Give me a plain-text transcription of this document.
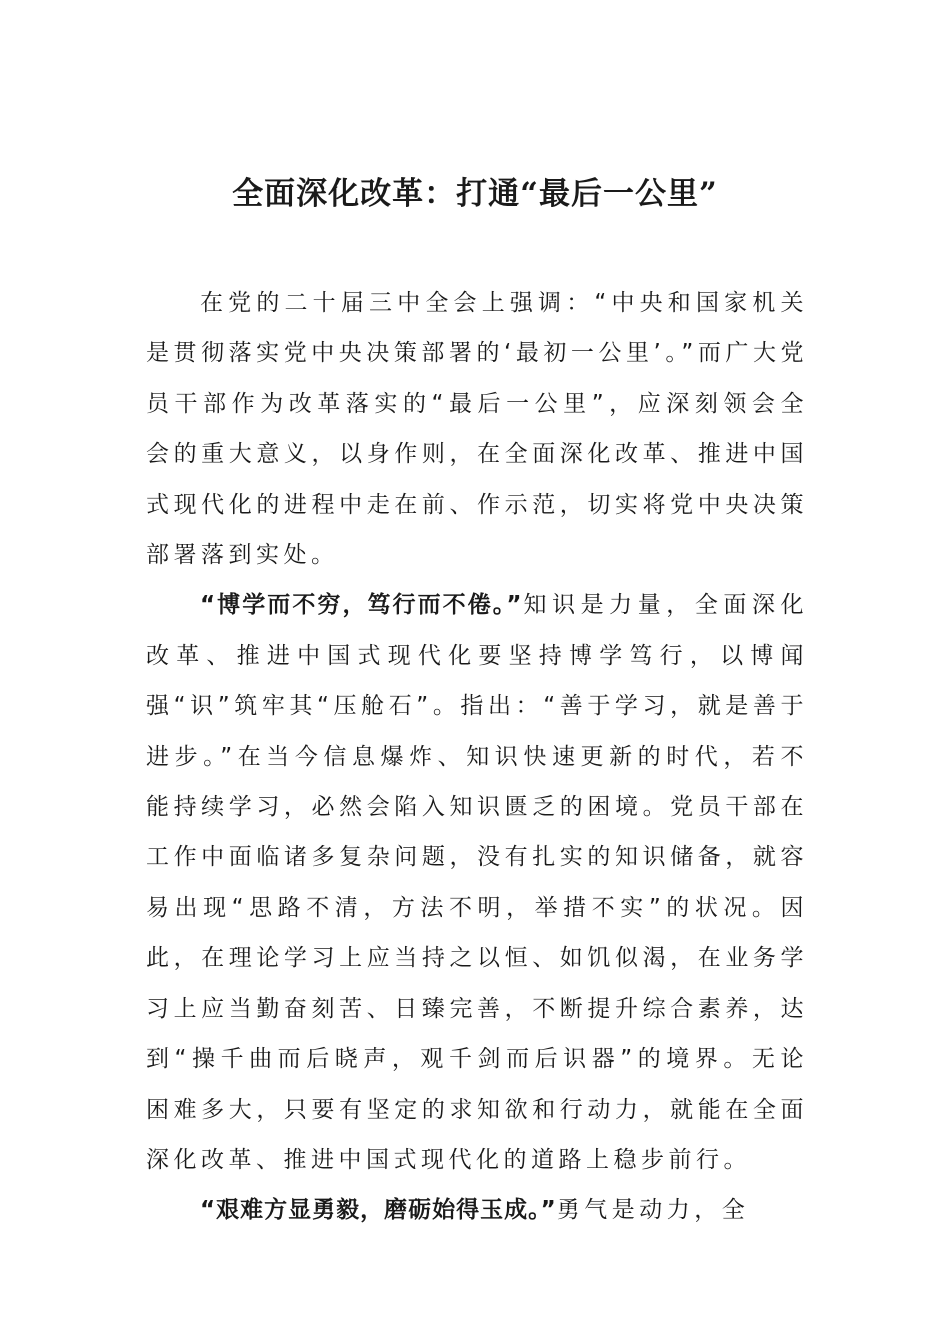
全面深化改革：打通“最后一公里”

在党的二十届三中全会上强调：“中央和国家机关是贯彻落实党中央决策部署的‘最初一公里’。”而广大党员干部作为改革落实的“最后一公里”，应深刻领会全会的重大意义，以身作则，在全面深化改革、推进中国式现代化的进程中走在前、作示范，切实将党中央决策部署落到实处。

“博学而不穷，笃行而不倦。”知识是力量，全面深化改革、推进中国式现代化要坚持博学笃行，以博闻强“识”筑牢其“压舱石”。指出：“善于学习，就是善于进步。”在当今信息爆炸、知识快速更新的时代，若不能持续学习，必然会陷入知识匮乏的困境。党员干部在工作中面临诸多复杂问题，没有扎实的知识储备，就容易出现“思路不清，方法不明，举措不实”的状况。因此，在理论学习上应当持之以恒、如饥似渴，在业务学习上应当勤奋刻苦、日臻完善，不断提升综合素养，达到“操千曲而后晓声，观千剑而后识器”的境界。无论困难多大，只要有坚定的求知欲和行动力，就能在全面深化改革、推进中国式现代化的道路上稳步前行。

“艰难方显勇毅，磨砺始得玉成。”勇气是动力，全
